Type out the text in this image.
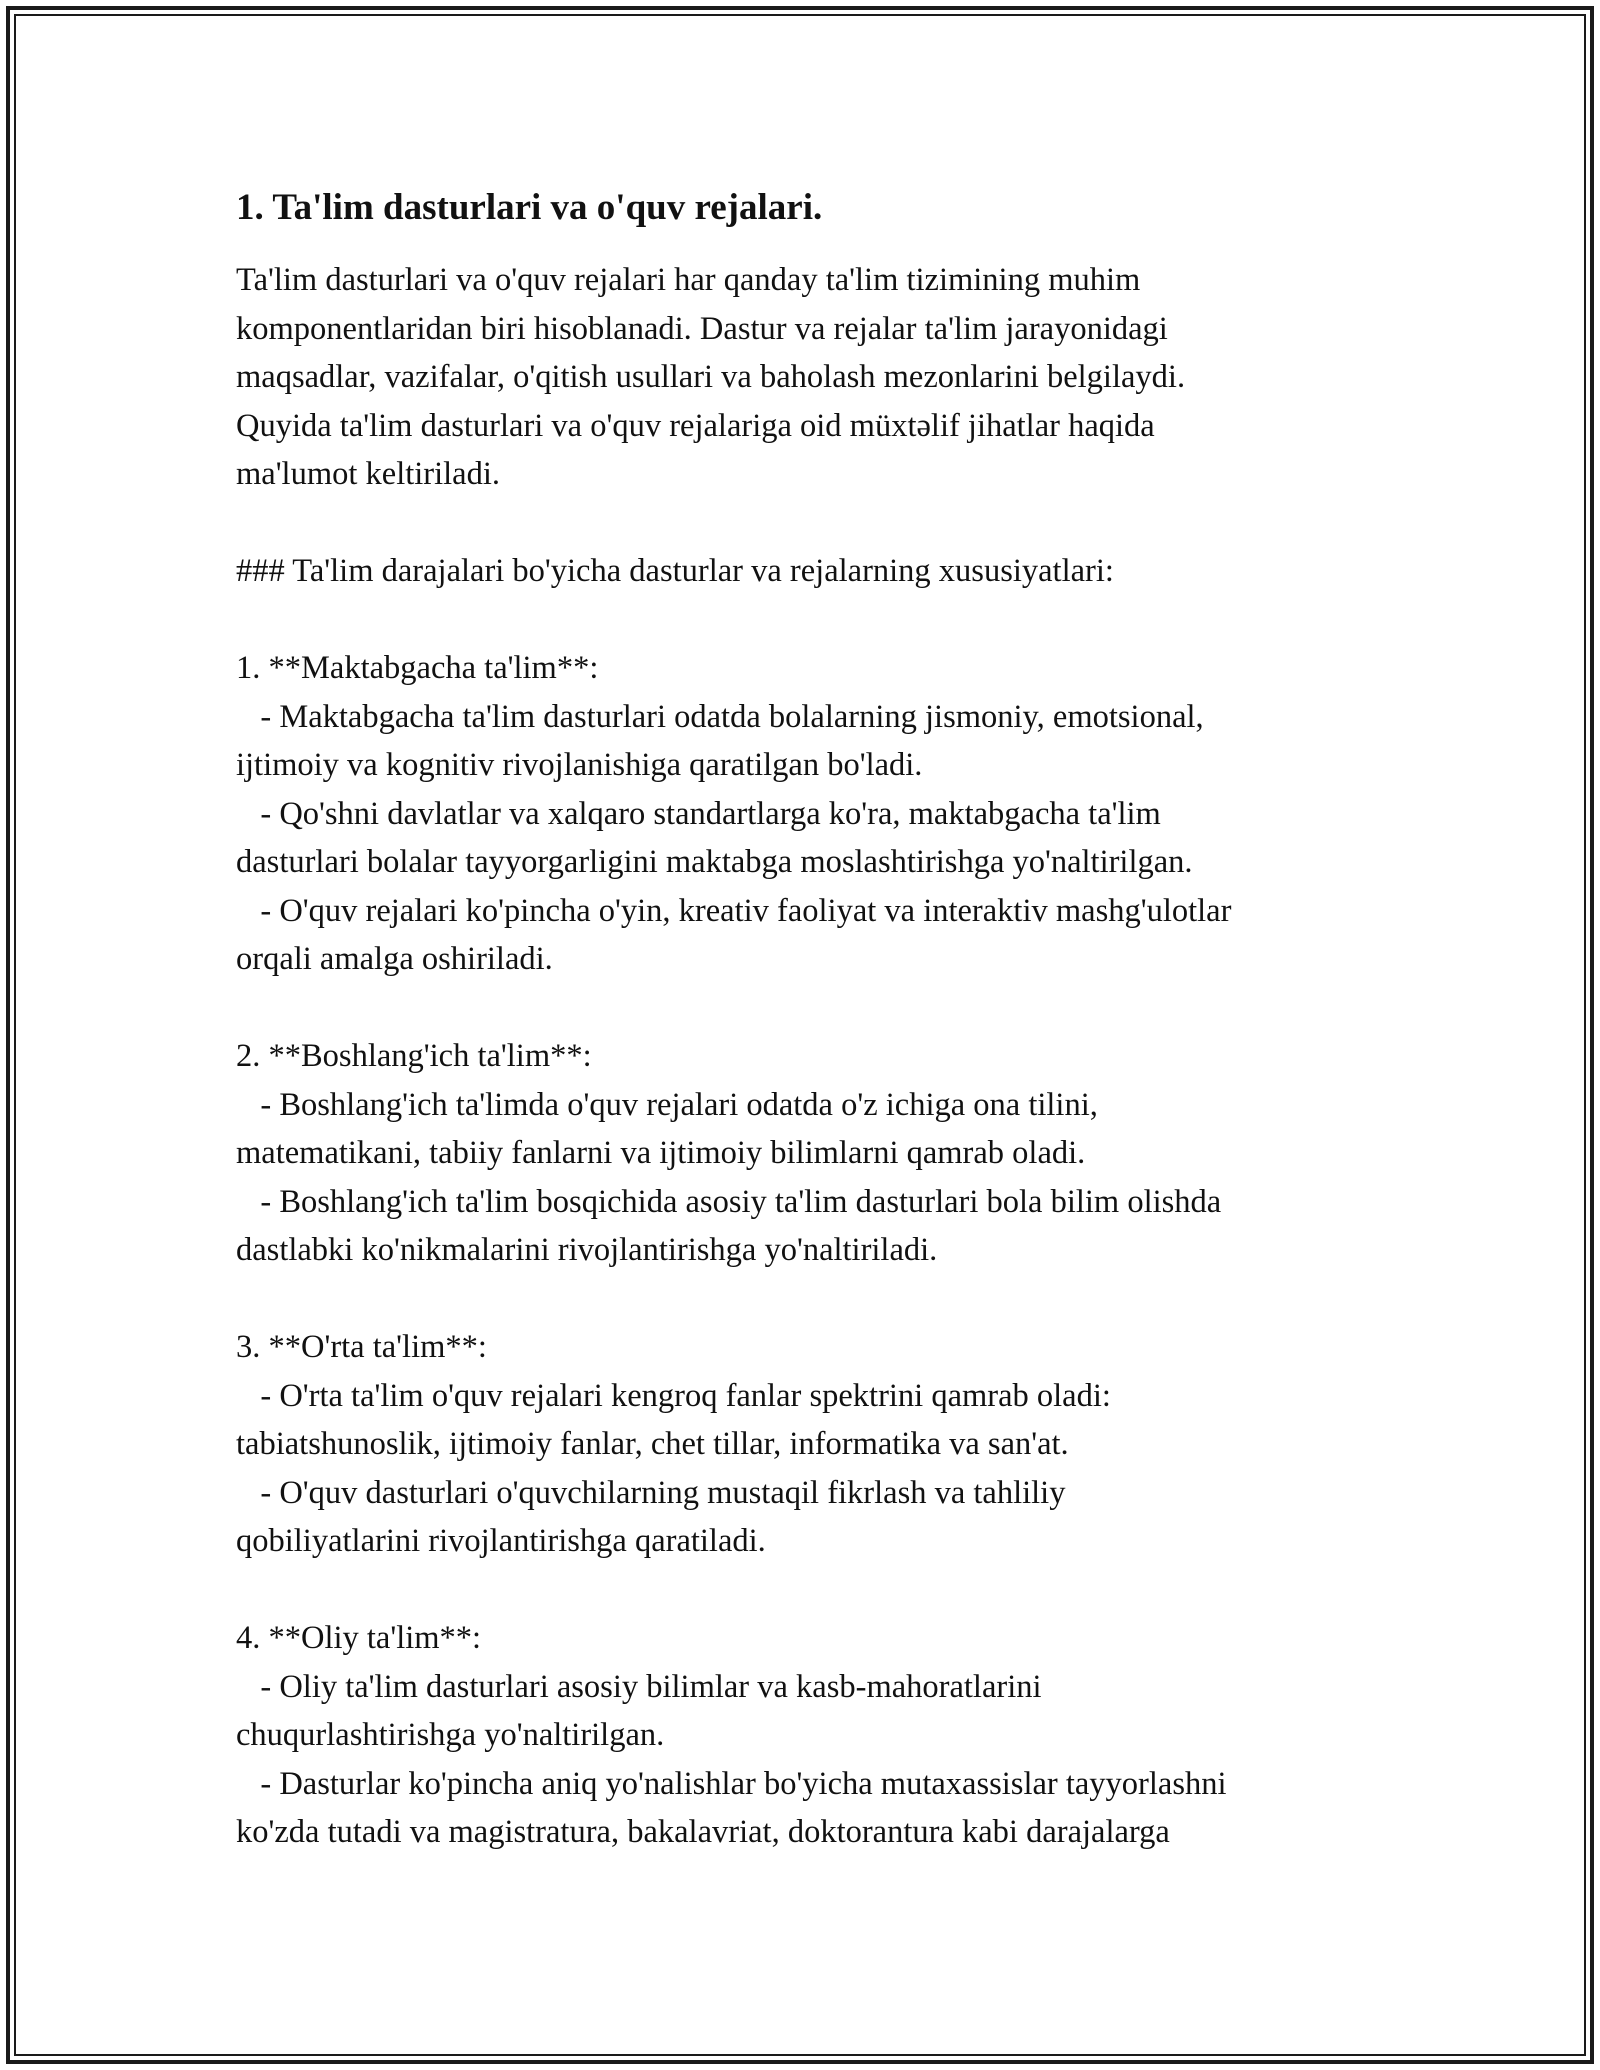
1. Ta'lim dasturlari va o'quv rejalari.

Ta'lim dasturlari va o'quv rejalari har qanday ta'lim tizimining muhim
komponentlaridan biri hisoblanadi. Dastur va rejalar ta'lim jarayonidagi
maqsadlar, vazifalar, o'qitish usullari va baholash mezonlarini belgilaydi.
Quyida ta'lim dasturlari va o'quv rejalariga oid müxtəlif jihatlar haqida
ma'lumot keltiriladi.

### Ta'lim darajalari bo'yicha dasturlar va rejalarning xususiyatlari:

1. **Maktabgacha ta'lim**:

- Maktabgacha ta'lim dasturlari odatda bolalarning jismoniy, emotsional,
ijtimoiy va kognitiv rivojlanishiga qaratilgan bo'ladi.
- Qo'shni davlatlar va xalqaro standartlarga ko'ra, maktabgacha ta'lim
dasturlari bolalar tayyorgarligini maktabga moslashtirishga yo'naltirilgan.
- O'quv rejalari ko'pincha o'yin, kreativ faoliyat va interaktiv mashg'ulotlar
orqali amalga oshiriladi.

2. **Boshlang'ich ta'lim**:

- Boshlang'ich ta'limda o'quv rejalari odatda o'z ichiga ona tilini,
matematikani, tabiiy fanlarni va ijtimoiy bilimlarni qamrab oladi.
- Boshlang'ich ta'lim bosqichida asosiy ta'lim dasturlari bola bilim olishda
dastlabki ko'nikmalarini rivojlantirishga yo'naltiriladi.

3. **O'rta ta'lim**:

- O'rta ta'lim o'quv rejalari kengroq fanlar spektrini qamrab oladi:
tabiatshunoslik, ijtimoiy fanlar, chet tillar, informatika va san'at.
- O'quv dasturlari o'quvchilarning mustaqil fikrlash va tahliliy
qobiliyatlarini rivojlantirishga qaratiladi.

4. **Oliy ta'lim**:

- Oliy ta'lim dasturlari asosiy bilimlar va kasb-mahoratlarini
chuqurlashtirishga yo'naltirilgan.
- Dasturlar ko'pincha aniq yo'nalishlar bo'yicha mutaxassislar tayyorlashni
ko'zda tutadi va magistratura, bakalavriat, doktorantura kabi darajalarga
